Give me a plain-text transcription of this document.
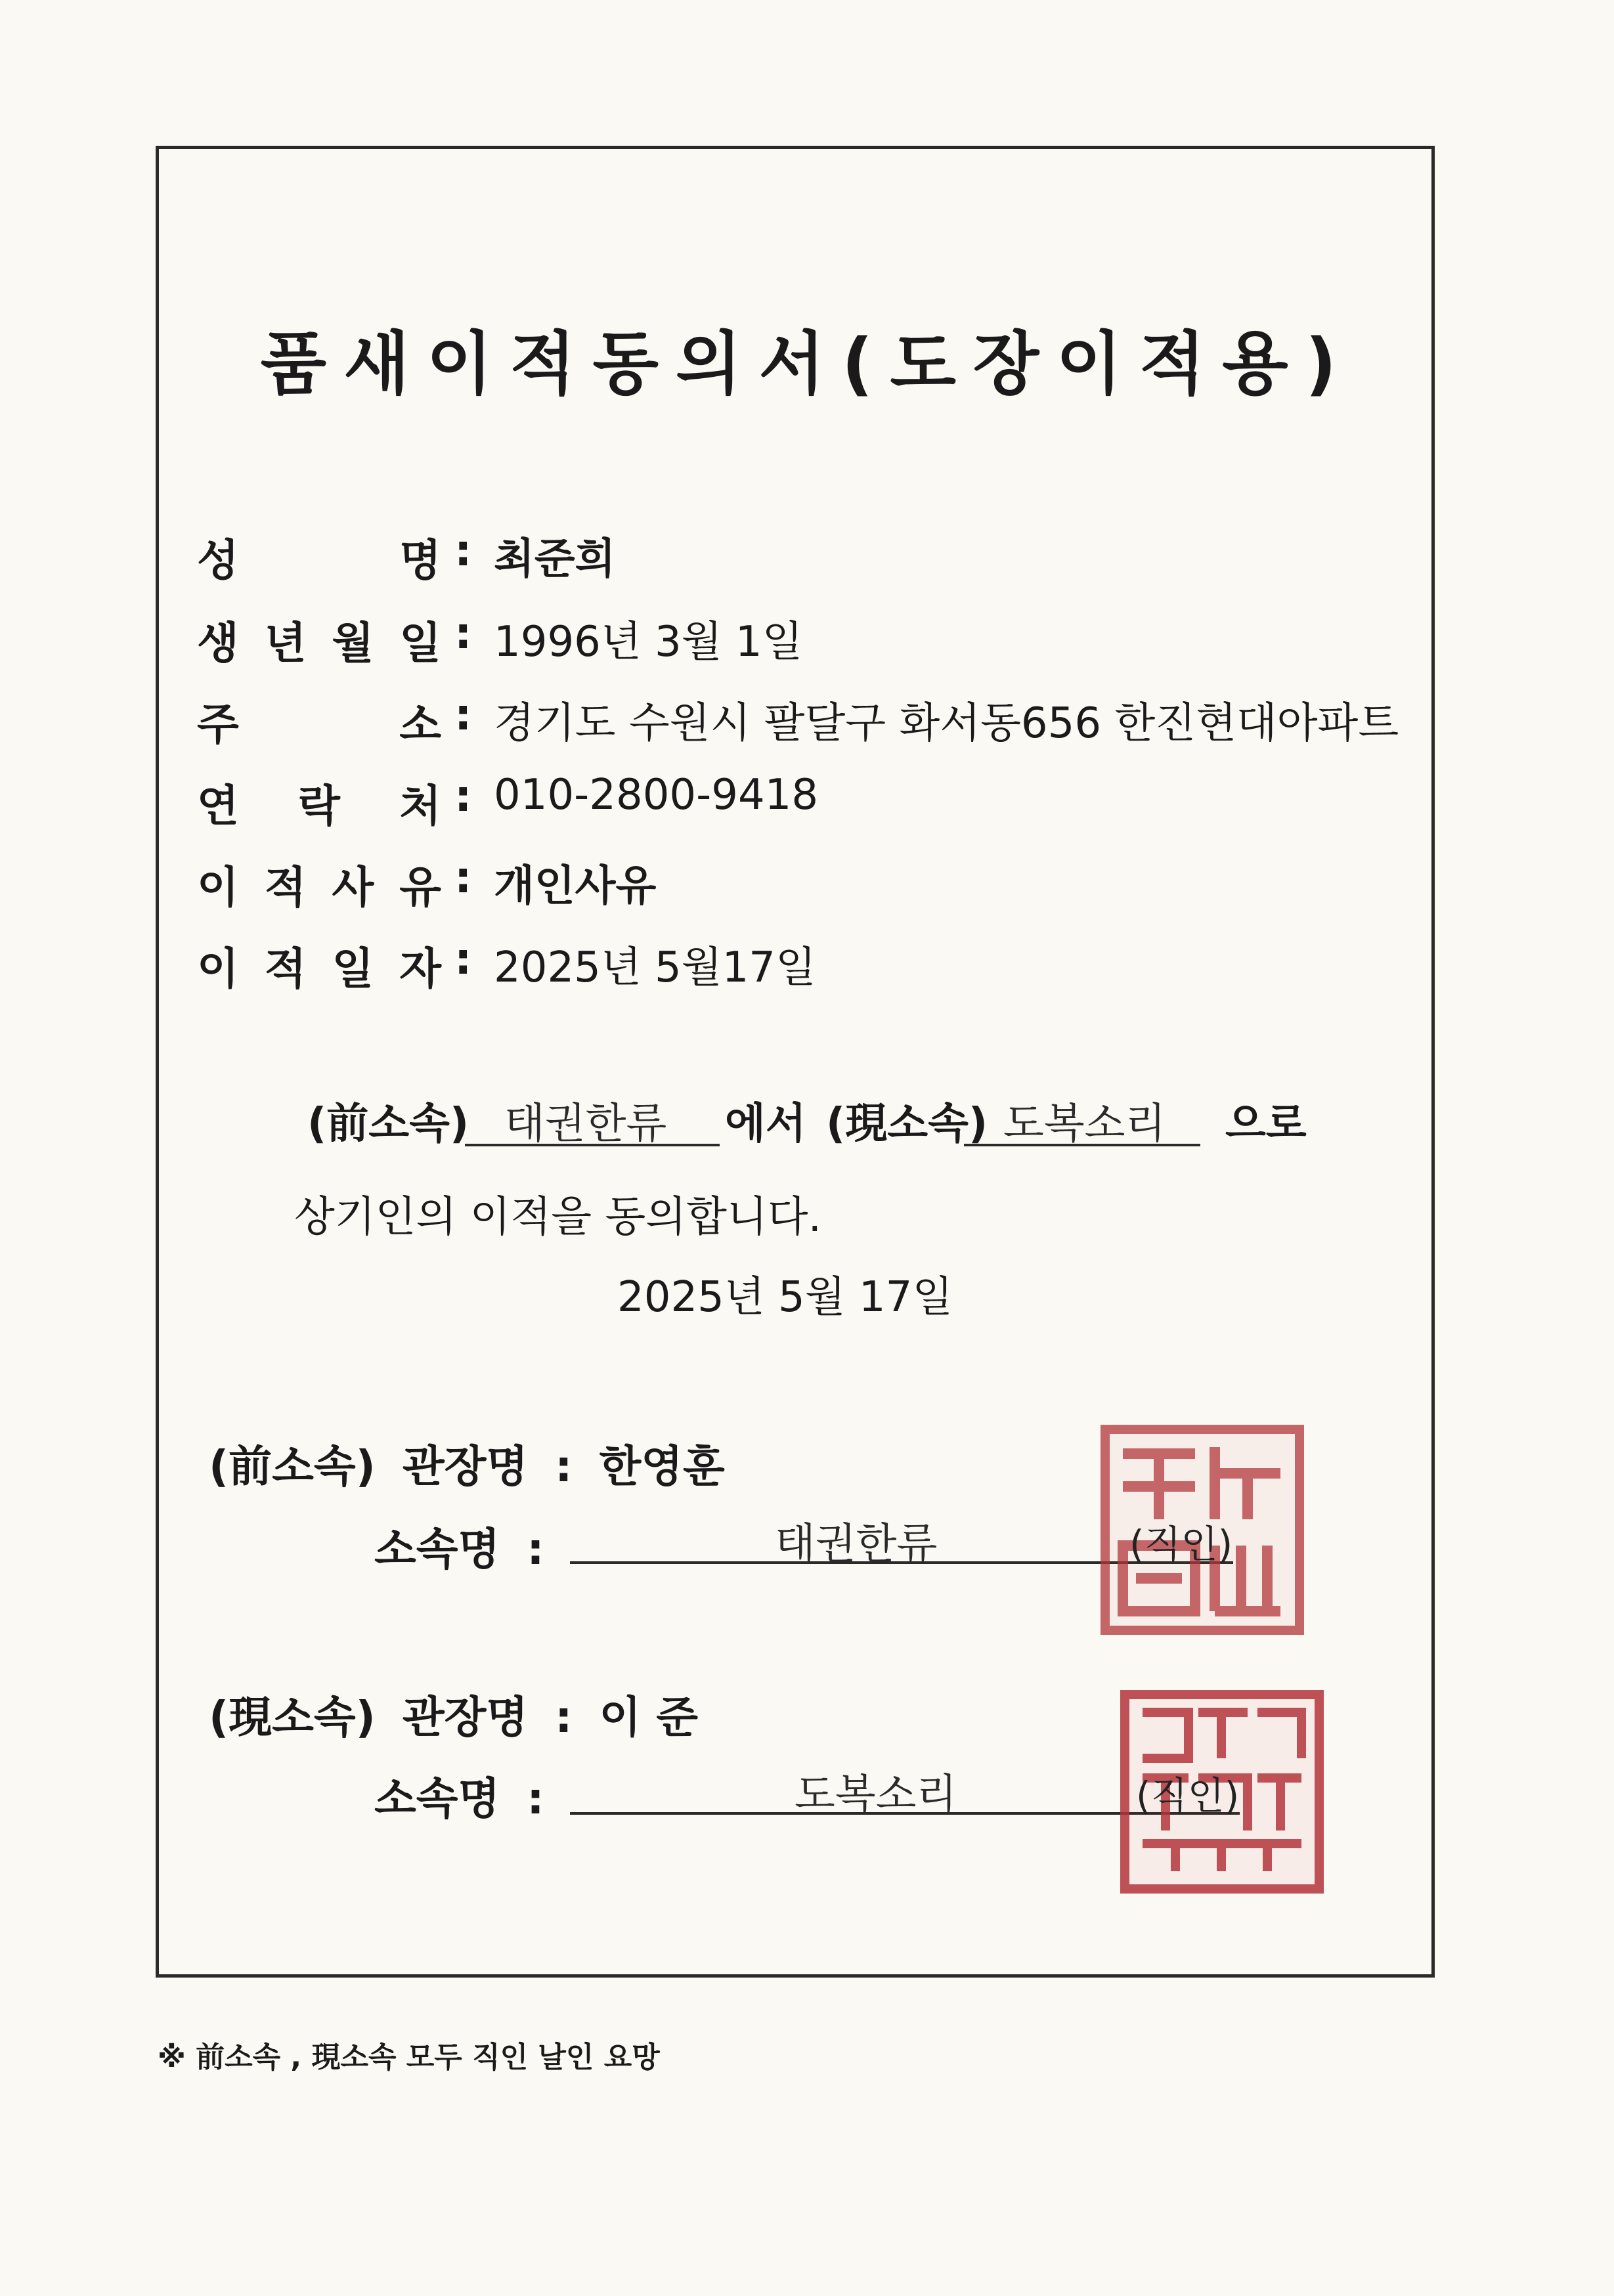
품새이적동의서(도장이적용)
성	명 : 최준희
생 년 월 일 : 1996년 3월 1일
주	소 : 경기도 수원시 팔달구 화서동656 한진현대아파트
연 락 처 : 010-2800-9418
이 적 사 유 : 개인사유
이 적 일 자 : 2025년 5월17일
(前소속) 태권한류 에서 (現소속) 도복소리 으로
상기인의 이적을 동의합니다.
2025년 5월 17일
(前소속) 관장명 : 한영훈
소속명 :	태권한류	(직인)
(現소속) 관장명 : 이 준
소속명 :	도복소리	(직인)
※ 前소속 , 現소속 모두 직인 날인 요망
